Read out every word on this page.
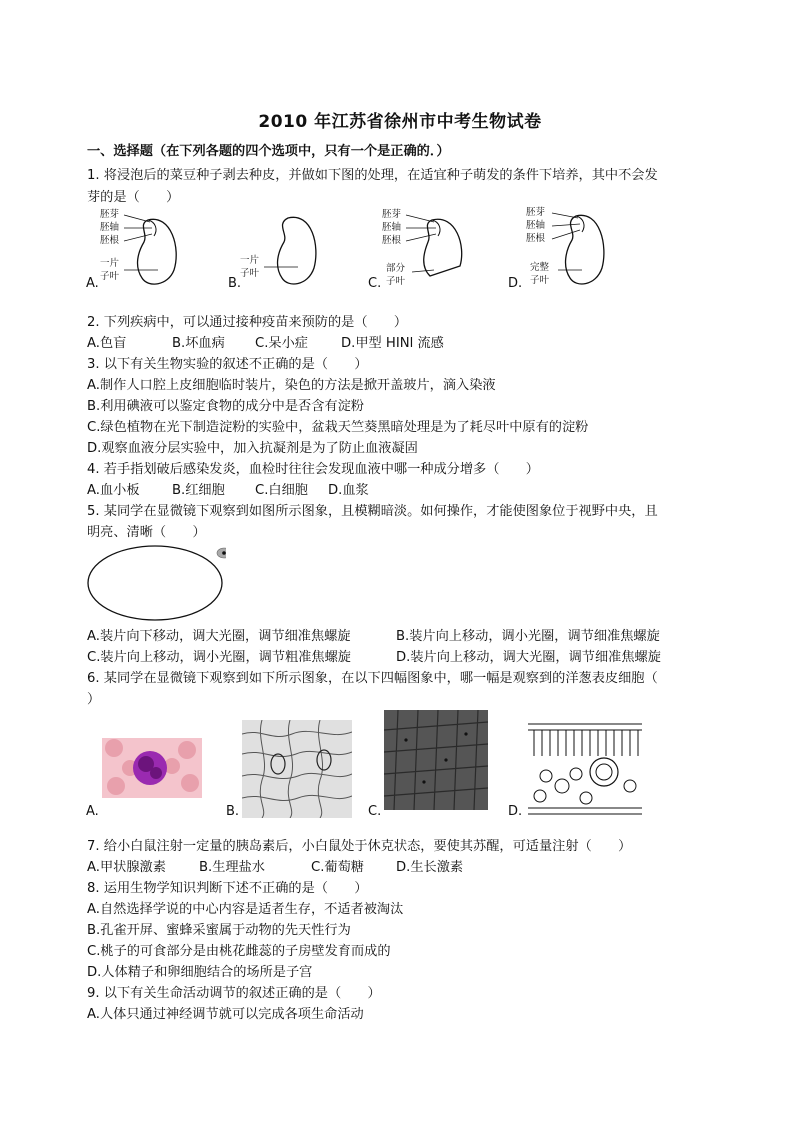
2010 年江苏省徐州市中考生物试卷
一、选择题（在下列各题的四个选项中，只有一个是正确的．）
1. 将浸泡后的菜豆种子剥去种皮，并做如下图的处理，在适宜种子萌发的条件下培养，其中不会发
芽的是（　　）
A.
胚芽
胚轴
胚根
一片
子叶	B.
一片
子叶
C.
胚芽
胚轴
胚根
部分
子叶	D.
胚芽
胚轴
胚根
完整
子叶
2. 下列疾病中，可以通过接种疫苗来预防的是（　　）
A.色盲	B.坏血病 C.呆小症	D.甲型 HINl 流感
3. 以下有关生物实验的叙述不正确的是（　　）
A.制作人口腔上皮细胞临时装片，染色的方法是掀开盖玻片，滴入染液
B.利用碘液可以鉴定食物的成分中是否含有淀粉
C.绿色植物在光下制造淀粉的实验中，盆栽天竺葵黑暗处理是为了耗尽叶中原有的淀粉
D.观察血液分层实验中，加入抗凝剂是为了防止血液凝固
4. 若手指划破后感染发炎，血检时往往会发现血液中哪一种成分增多（　　）
A.血小板 B.红细胞 C.白细胞 D.血浆
5. 某同学在显微镜下观察到如图所示图象，且模糊暗淡。如何操作，才能使图象位于视野中央，且
明亮、清晰（　　）
A.装片向下移动，调大光圈，调节细准焦螺旋	B.装片向上移动，调小光圈，调节细准焦螺旋
C.装片向上移动，调小光圈，调节粗准焦螺旋	D.装片向上移动，调大光圈，调节细准焦螺旋
6. 某同学在显微镜下观察到如下所示图象，在以下四幅图象中，哪一幅是观察到的洋葱表皮细胞（
）
A.	B.	C.	D.
7. 给小白鼠注射一定量的胰岛素后，小白鼠处于休克状态，要使其苏醒，可适量注射（　　）
A.甲状腺激素	B.生理盐水	C.葡萄糖 D.生长激素
8. 运用生物学知识判断下述不正确的是（　　）
A.自然选择学说的中心内容是适者生存，不适者被淘汰
B.孔雀开屏、蜜蜂采蜜属于动物的先天性行为
C.桃子的可食部分是由桃花雌蕊的子房壁发育而成的
D.人体精子和卵细胞结合的场所是子宫
9. 以下有关生命活动调节的叙述正确的是（　　）
A.人体只通过神经调节就可以完成各项生命活动
